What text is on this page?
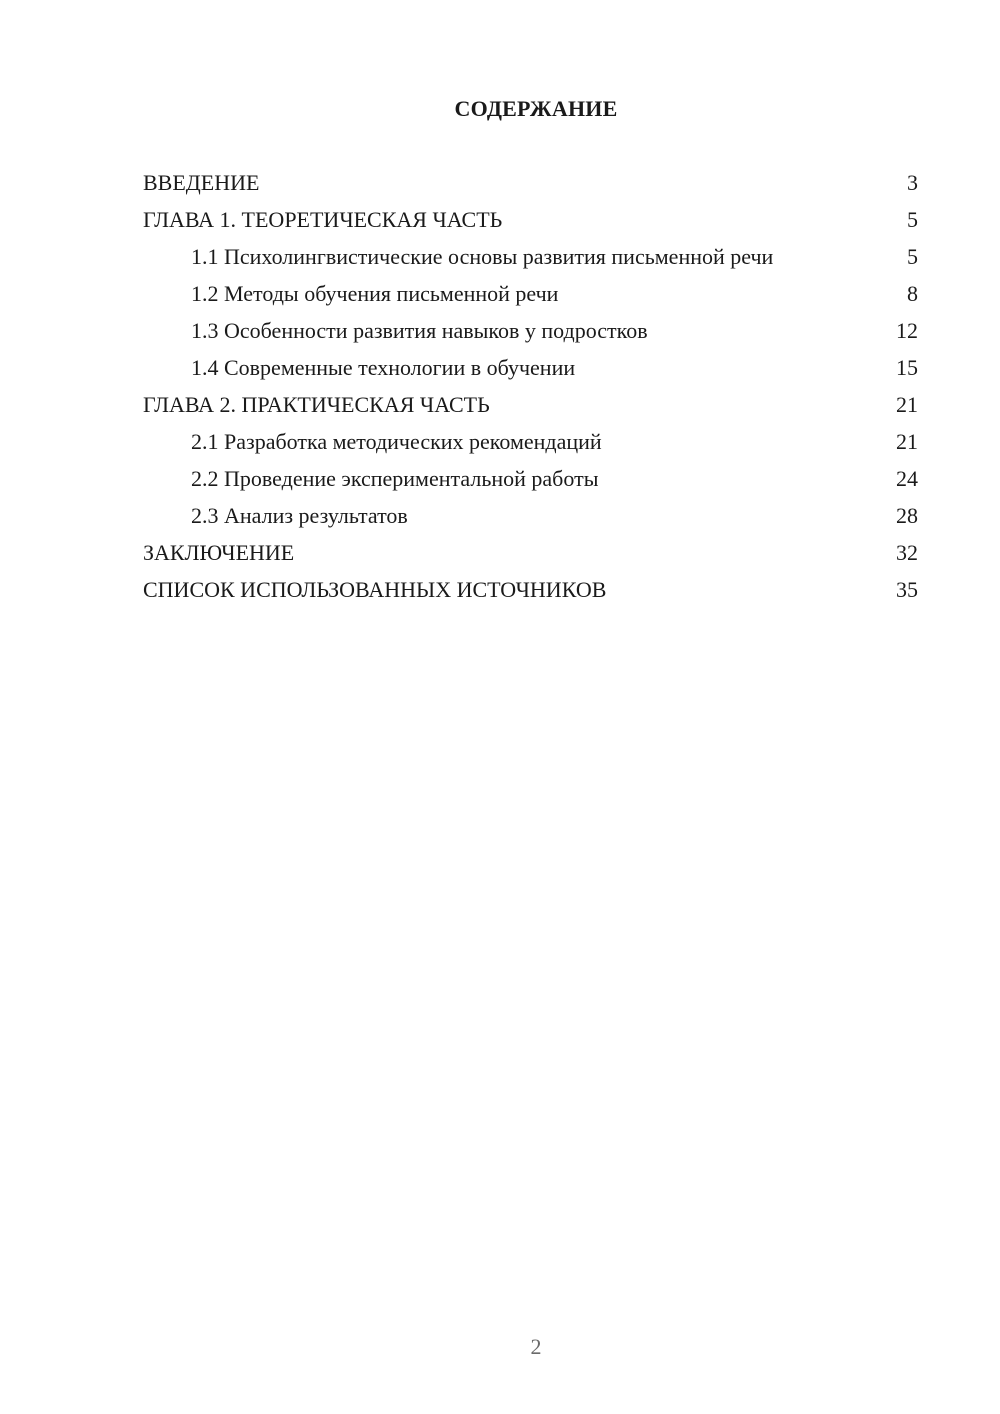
СОДЕРЖАНИЕ
ВВЕДЕНИЕ	3
ГЛАВА 1. ТЕОРЕТИЧЕСКАЯ ЧАСТЬ	5
1.1 Психолингвистические основы развития письменной речи	5
1.2 Методы обучения письменной речи	8
1.3 Особенности развития навыков у подростков	12
1.4 Современные технологии в обучении	15
ГЛАВА 2. ПРАКТИЧЕСКАЯ ЧАСТЬ	21
2.1 Разработка методических рекомендаций	21
2.2 Проведение экспериментальной работы	24
2.3 Анализ результатов	28
ЗАКЛЮЧЕНИЕ	32
СПИСОК ИСПОЛЬЗОВАННЫХ ИСТОЧНИКОВ	35
2
